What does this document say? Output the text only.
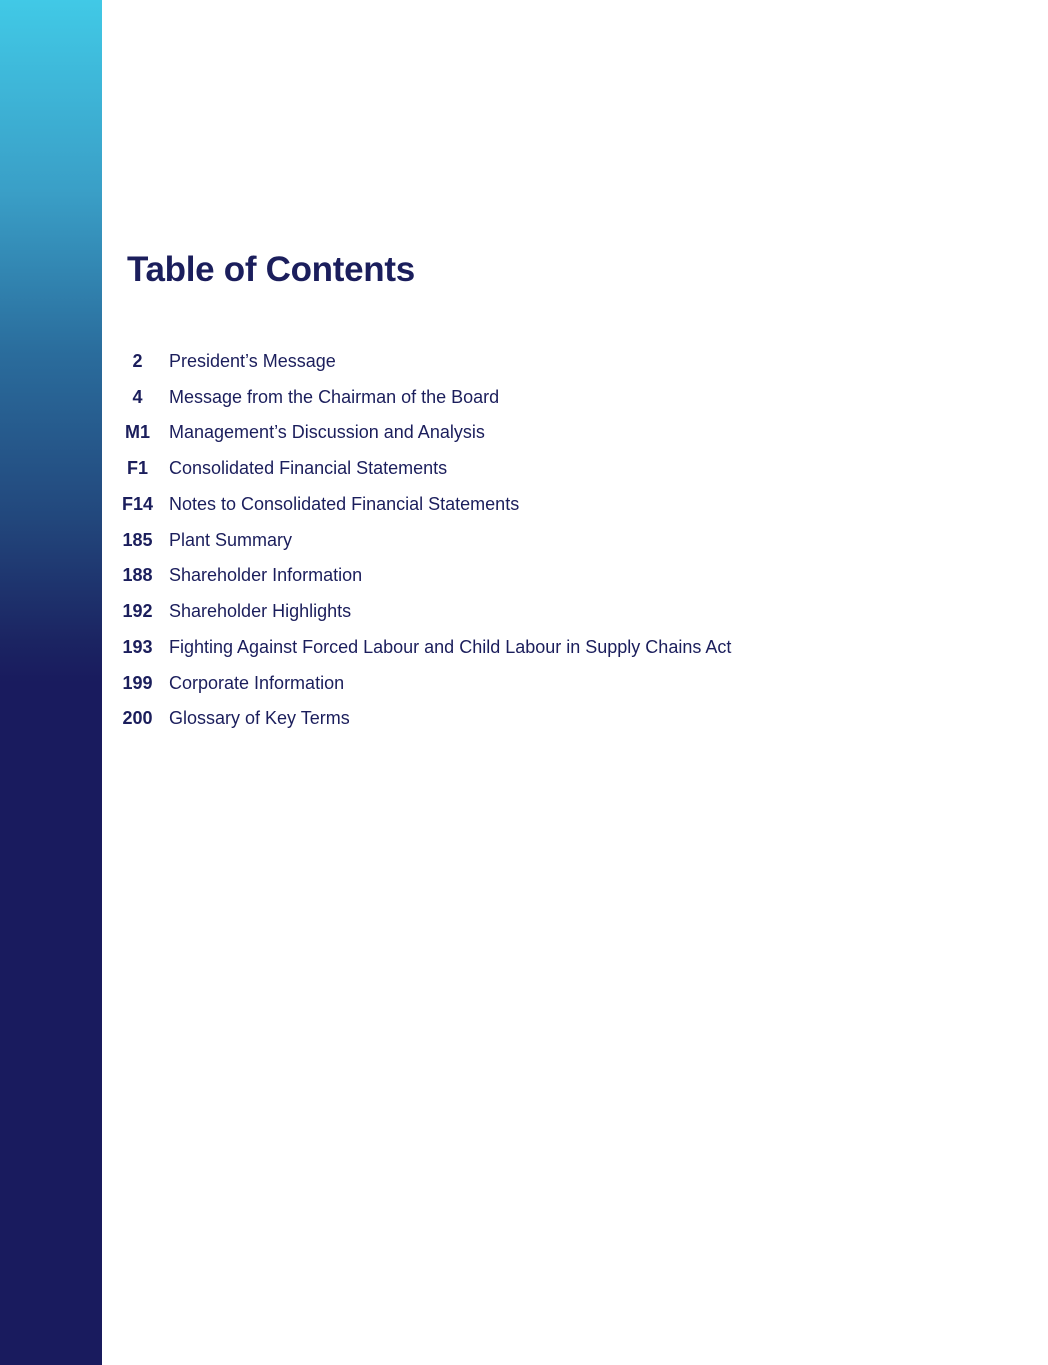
Table of Contents
2	President’s Message
4	Message from the Chairman of the Board
M1	Management’s Discussion and Analysis
F1	Consolidated Financial Statements
F14 Notes to Consolidated Financial Statements
185 Plant Summary
188 Shareholder Information
192 Shareholder Highlights
193 Fighting Against Forced Labour and Child Labour in Supply Chains Act
199 Corporate Information
200 Glossary of Key Terms
